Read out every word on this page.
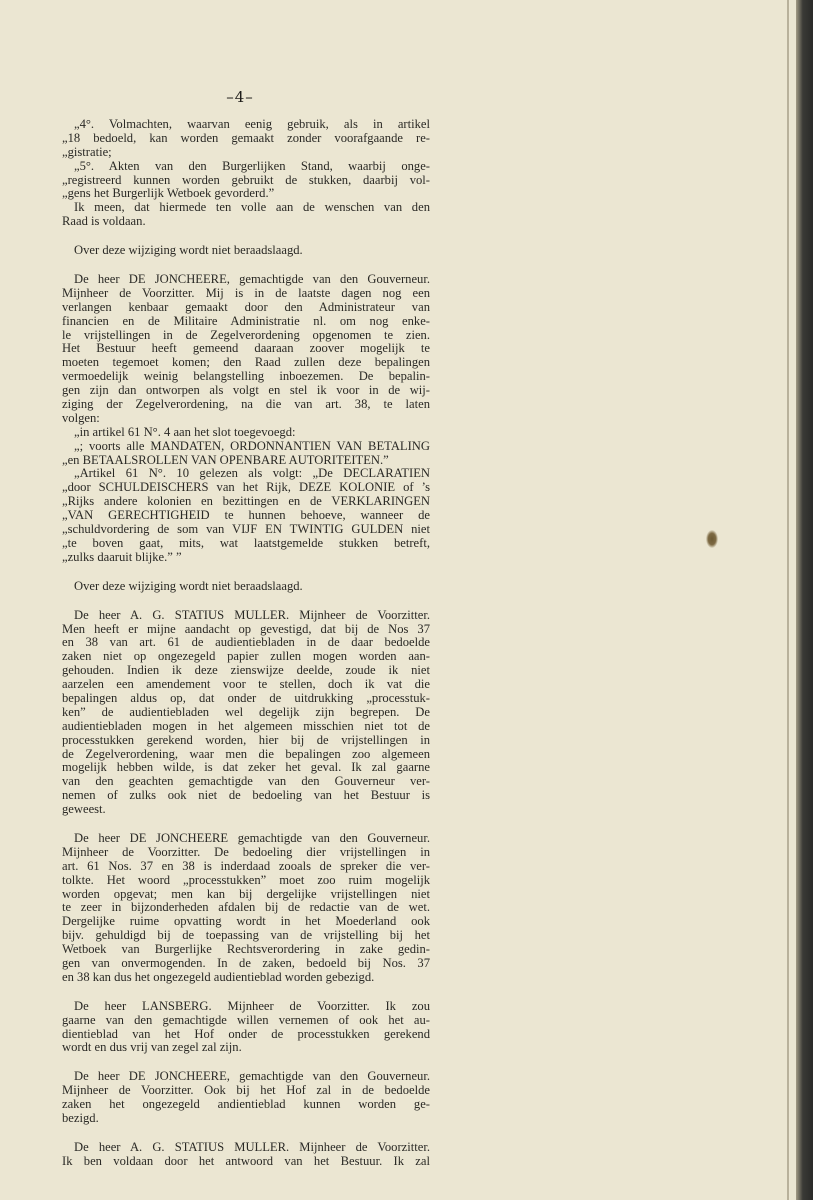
–4–
„4°. Volmachten, waarvan eenig gebruik, als in artikel
„18 bedoeld, kan worden gemaakt zonder voorafgaande re-
„gistratie;
„5°. Akten van den Burgerlijken Stand, waarbij onge-
„registreerd kunnen worden gebruikt de stukken, daarbij vol-
„gens het Burgerlijk Wetboek gevorderd.”
Ik meen, dat hiermede ten volle aan de wenschen van den
Raad is voldaan.
Over deze wijziging wordt niet beraadslaagd.
De heer DE JONCHEERE, gemachtigde van den Gouverneur.
Mijnheer de Voorzitter. Mij is in de laatste dagen nog een
verlangen kenbaar gemaakt door den Administrateur van
financien en de Militaire Administratie nl. om nog enke-
le vrijstellingen in de Zegelverordening opgenomen te zien.
Het Bestuur heeft gemeend daaraan zoover mogelijk te
moeten tegemoet komen; den Raad zullen deze bepalingen
vermoedelijk weinig belangstelling inboezemen. De bepalin-
gen zijn dan ontworpen als volgt en stel ik voor in de wij-
ziging der Zegelverordening, na die van art. 38, te laten
volgen:
„in artikel 61 N°. 4 aan het slot toegevoegd:
„; voorts alle MANDATEN, ORDONNANTIEN VAN BETALING
„en BETAALSROLLEN VAN OPENBARE AUTORITEITEN.”
„Artikel 61 N°. 10 gelezen als volgt: „De DECLARATIEN
„door SCHULDEISCHERS van het Rijk, DEZE KOLONIE of ’s
„Rijks andere kolonien en bezittingen en de VERKLARINGEN
„VAN GERECHTIGHEID te hunnen behoeve, wanneer de
„schuldvordering de som van VIJF EN TWINTIG GULDEN niet
„te boven gaat, mits, wat laatstgemelde stukken betreft,
„zulks daaruit blijke.” ”
Over deze wijziging wordt niet beraadslaagd.
De heer A. G. STATIUS MULLER. Mijnheer de Voorzitter.
Men heeft er mijne aandacht op gevestigd, dat bij de Nos 37
en 38 van art. 61 de audientiebladen in de daar bedoelde
zaken niet op ongezegeld papier zullen mogen worden aan-
gehouden. Indien ik deze zienswijze deelde, zoude ik niet
aarzelen een amendement voor te stellen, doch ik vat die
bepalingen aldus op, dat onder de uitdrukking „processtuk-
ken” de audientiebladen wel degelijk zijn begrepen. De
audientiebladen mogen in het algemeen misschien niet tot de
processtukken gerekend worden, hier bij de vrijstellingen in
de Zegelverordening, waar men die bepalingen zoo algemeen
mogelijk hebben wilde, is dat zeker het geval. Ik zal gaarne
van den geachten gemachtigde van den Gouverneur ver-
nemen of zulks ook niet de bedoeling van het Bestuur is
geweest.
De heer DE JONCHEERE gemachtigde van den Gouverneur.
Mijnheer de Voorzitter. De bedoeling dier vrijstellingen in
art. 61 Nos. 37 en 38 is inderdaad zooals de spreker die ver-
tolkte. Het woord „processtukken” moet zoo ruim mogelijk
worden opgevat; men kan bij dergelijke vrijstellingen niet
te zeer in bijzonderheden afdalen bij de redactie van de wet.
Dergelijke ruime opvatting wordt in het Moederland ook
bijv. gehuldigd bij de toepassing van de vrijstelling bij het
Wetboek van Burgerlijke Rechtsverordering in zake gedin-
gen van onvermogenden. In de zaken, bedoeld bij Nos. 37
en 38 kan dus het ongezegeld audientieblad worden gebezigd.
De heer LANSBERG. Mijnheer de Voorzitter. Ik zou
gaarne van den gemachtigde willen vernemen of ook het au-
dientieblad van het Hof onder de processtukken gerekend
wordt en dus vrij van zegel zal zijn.
De heer DE JONCHEERE, gemachtigde van den Gouverneur.
Mijnheer de Voorzitter. Ook bij het Hof zal in de bedoelde
zaken het ongezegeld andientieblad kunnen worden ge-
bezigd.
De heer A. G. STATIUS MULLER. Mijnheer de Voorzitter.
Ik ben voldaan door het antwoord van het Bestuur. Ik zal
